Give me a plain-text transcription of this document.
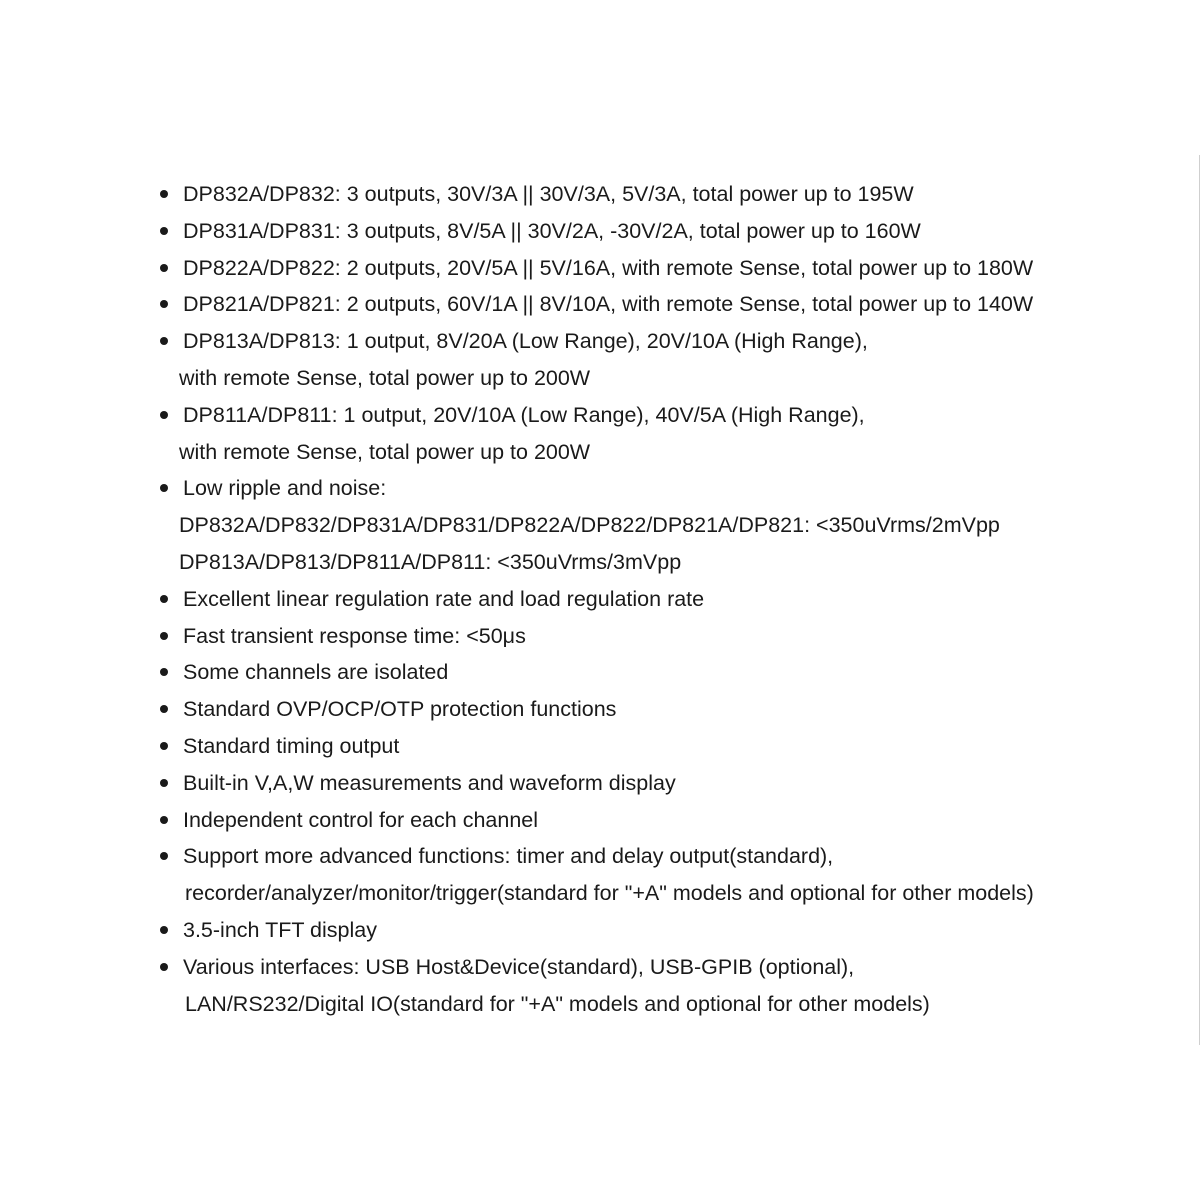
DP832A/DP832: 3 outputs, 30V/3A || 30V/3A, 5V/3A, total power up to 195W
DP831A/DP831: 3 outputs, 8V/5A || 30V/2A, -30V/2A, total power up to 160W
DP822A/DP822: 2 outputs, 20V/5A || 5V/16A, with remote Sense, total power up to 180W
DP821A/DP821: 2 outputs, 60V/1A || 8V/10A, with remote Sense, total power up to 140W
DP813A/DP813: 1 output, 8V/20A (Low Range), 20V/10A (High Range),
with remote Sense, total power up to 200W
DP811A/DP811: 1 output, 20V/10A (Low Range), 40V/5A (High Range),
with remote Sense, total power up to 200W
Low ripple and noise:
DP832A/DP832/DP831A/DP831/DP822A/DP822/DP821A/DP821: <350uVrms/2mVpp
DP813A/DP813/DP811A/DP811: <350uVrms/3mVpp
Excellent linear regulation rate and load regulation rate
Fast transient response time: <50μs
Some channels are isolated
Standard OVP/OCP/OTP protection functions
Standard timing output
Built-in V,A,W measurements and waveform display
Independent control for each channel
Support more advanced functions: timer and delay output(standard),
recorder/analyzer/monitor/trigger(standard for "+A" models and optional for other models)
3.5-inch TFT display
Various interfaces: USB Host&Device(standard), USB-GPIB (optional),
LAN/RS232/Digital IO(standard for "+A" models and optional for other models)
